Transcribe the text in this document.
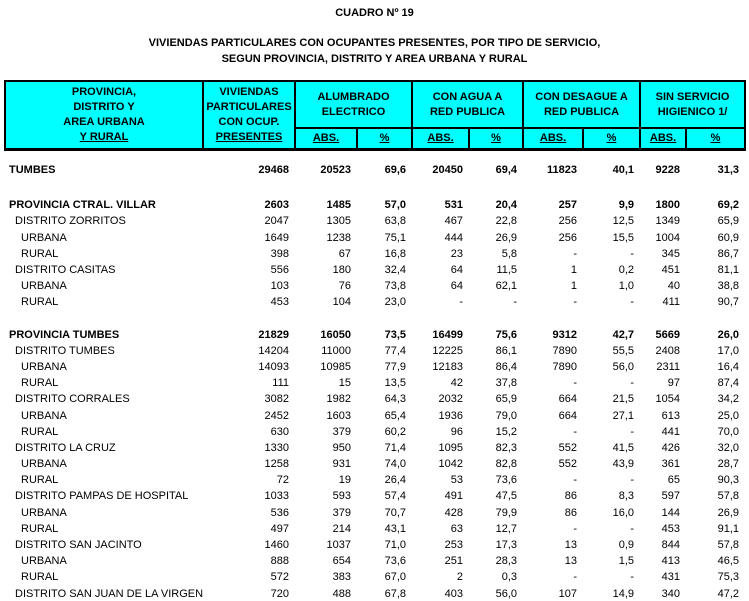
CUADRO Nº 19
VIVIENDAS PARTICULARES CON OCUPANTES PRESENTES, POR TIPO DE SERVICIO,
SEGUN PROVINCIA, DISTRITO Y AREA URBANA Y RURAL
PROVINCIA,
DISTRITO Y
AREA URBANA
Y RURAL

VIVIENDAS
PARTICULARES
CON OCUP.
PRESENTES

ALUMBRADO
ELECTRICO

CON AGUA A
RED PUBLICA

CON DESAGUE A
RED PUBLICA

SIN SERVICIO
HIGIENICO 1/

		ABS.	%	ABS.	%	ABS.	%	ABS.	%

TUMBES	29468	20523	69,6	20450	69,4	11823	40,1	9228	31,3

PROVINCIA CTRAL. VILLAR	2603	1485	57,0	531	20,4	257	9,9	1800	69,2
DISTRITO ZORRITOS	2047	1305	63,8	467	22,8	256	12,5	1349	65,9
URBANA	1649	1238	75,1	444	26,9	256	15,5	1004	60,9
RURAL	398	67	16,8	23	5,8	-	-	345	86,7
DISTRITO CASITAS	556	180	32,4	64	11,5	1	0,2	451	81,1
URBANA	103	76	73,8	64	62,1	1	1,0	40	38,8
RURAL	453	104	23,0	-	-	-	-	411	90,7

PROVINCIA TUMBES	21829	16050	73,5	16499	75,6	9312	42,7	5669	26,0
DISTRITO TUMBES	14204	11000	77,4	12225	86,1	7890	55,5	2408	17,0
URBANA	14093	10985	77,9	12183	86,4	7890	56,0	2311	16,4
RURAL	111	15	13,5	42	37,8	-	-	97	87,4
DISTRITO CORRALES	3082	1982	64,3	2032	65,9	664	21,5	1054	34,2
URBANA	2452	1603	65,4	1936	79,0	664	27,1	613	25,0
RURAL	630	379	60,2	96	15,2	-	-	441	70,0
DISTRITO LA CRUZ	1330	950	71,4	1095	82,3	552	41,5	426	32,0
URBANA	1258	931	74,0	1042	82,8	552	43,9	361	28,7
RURAL	72	19	26,4	53	73,6	-	-	65	90,3
DISTRITO PAMPAS DE HOSPITAL	1033	593	57,4	491	47,5	86	8,3	597	57,8
URBANA	536	379	70,7	428	79,9	86	16,0	144	26,9
RURAL	497	214	43,1	63	12,7	-	-	453	91,1
DISTRITO SAN JACINTO	1460	1037	71,0	253	17,3	13	0,9	844	57,8
URBANA	888	654	73,6	251	28,3	13	1,5	413	46,5
RURAL	572	383	67,0	2	0,3	-	-	431	75,3
DISTRITO SAN JUAN DE LA VIRGEN	720	488	67,8	403	56,0	107	14,9	340	47,2
